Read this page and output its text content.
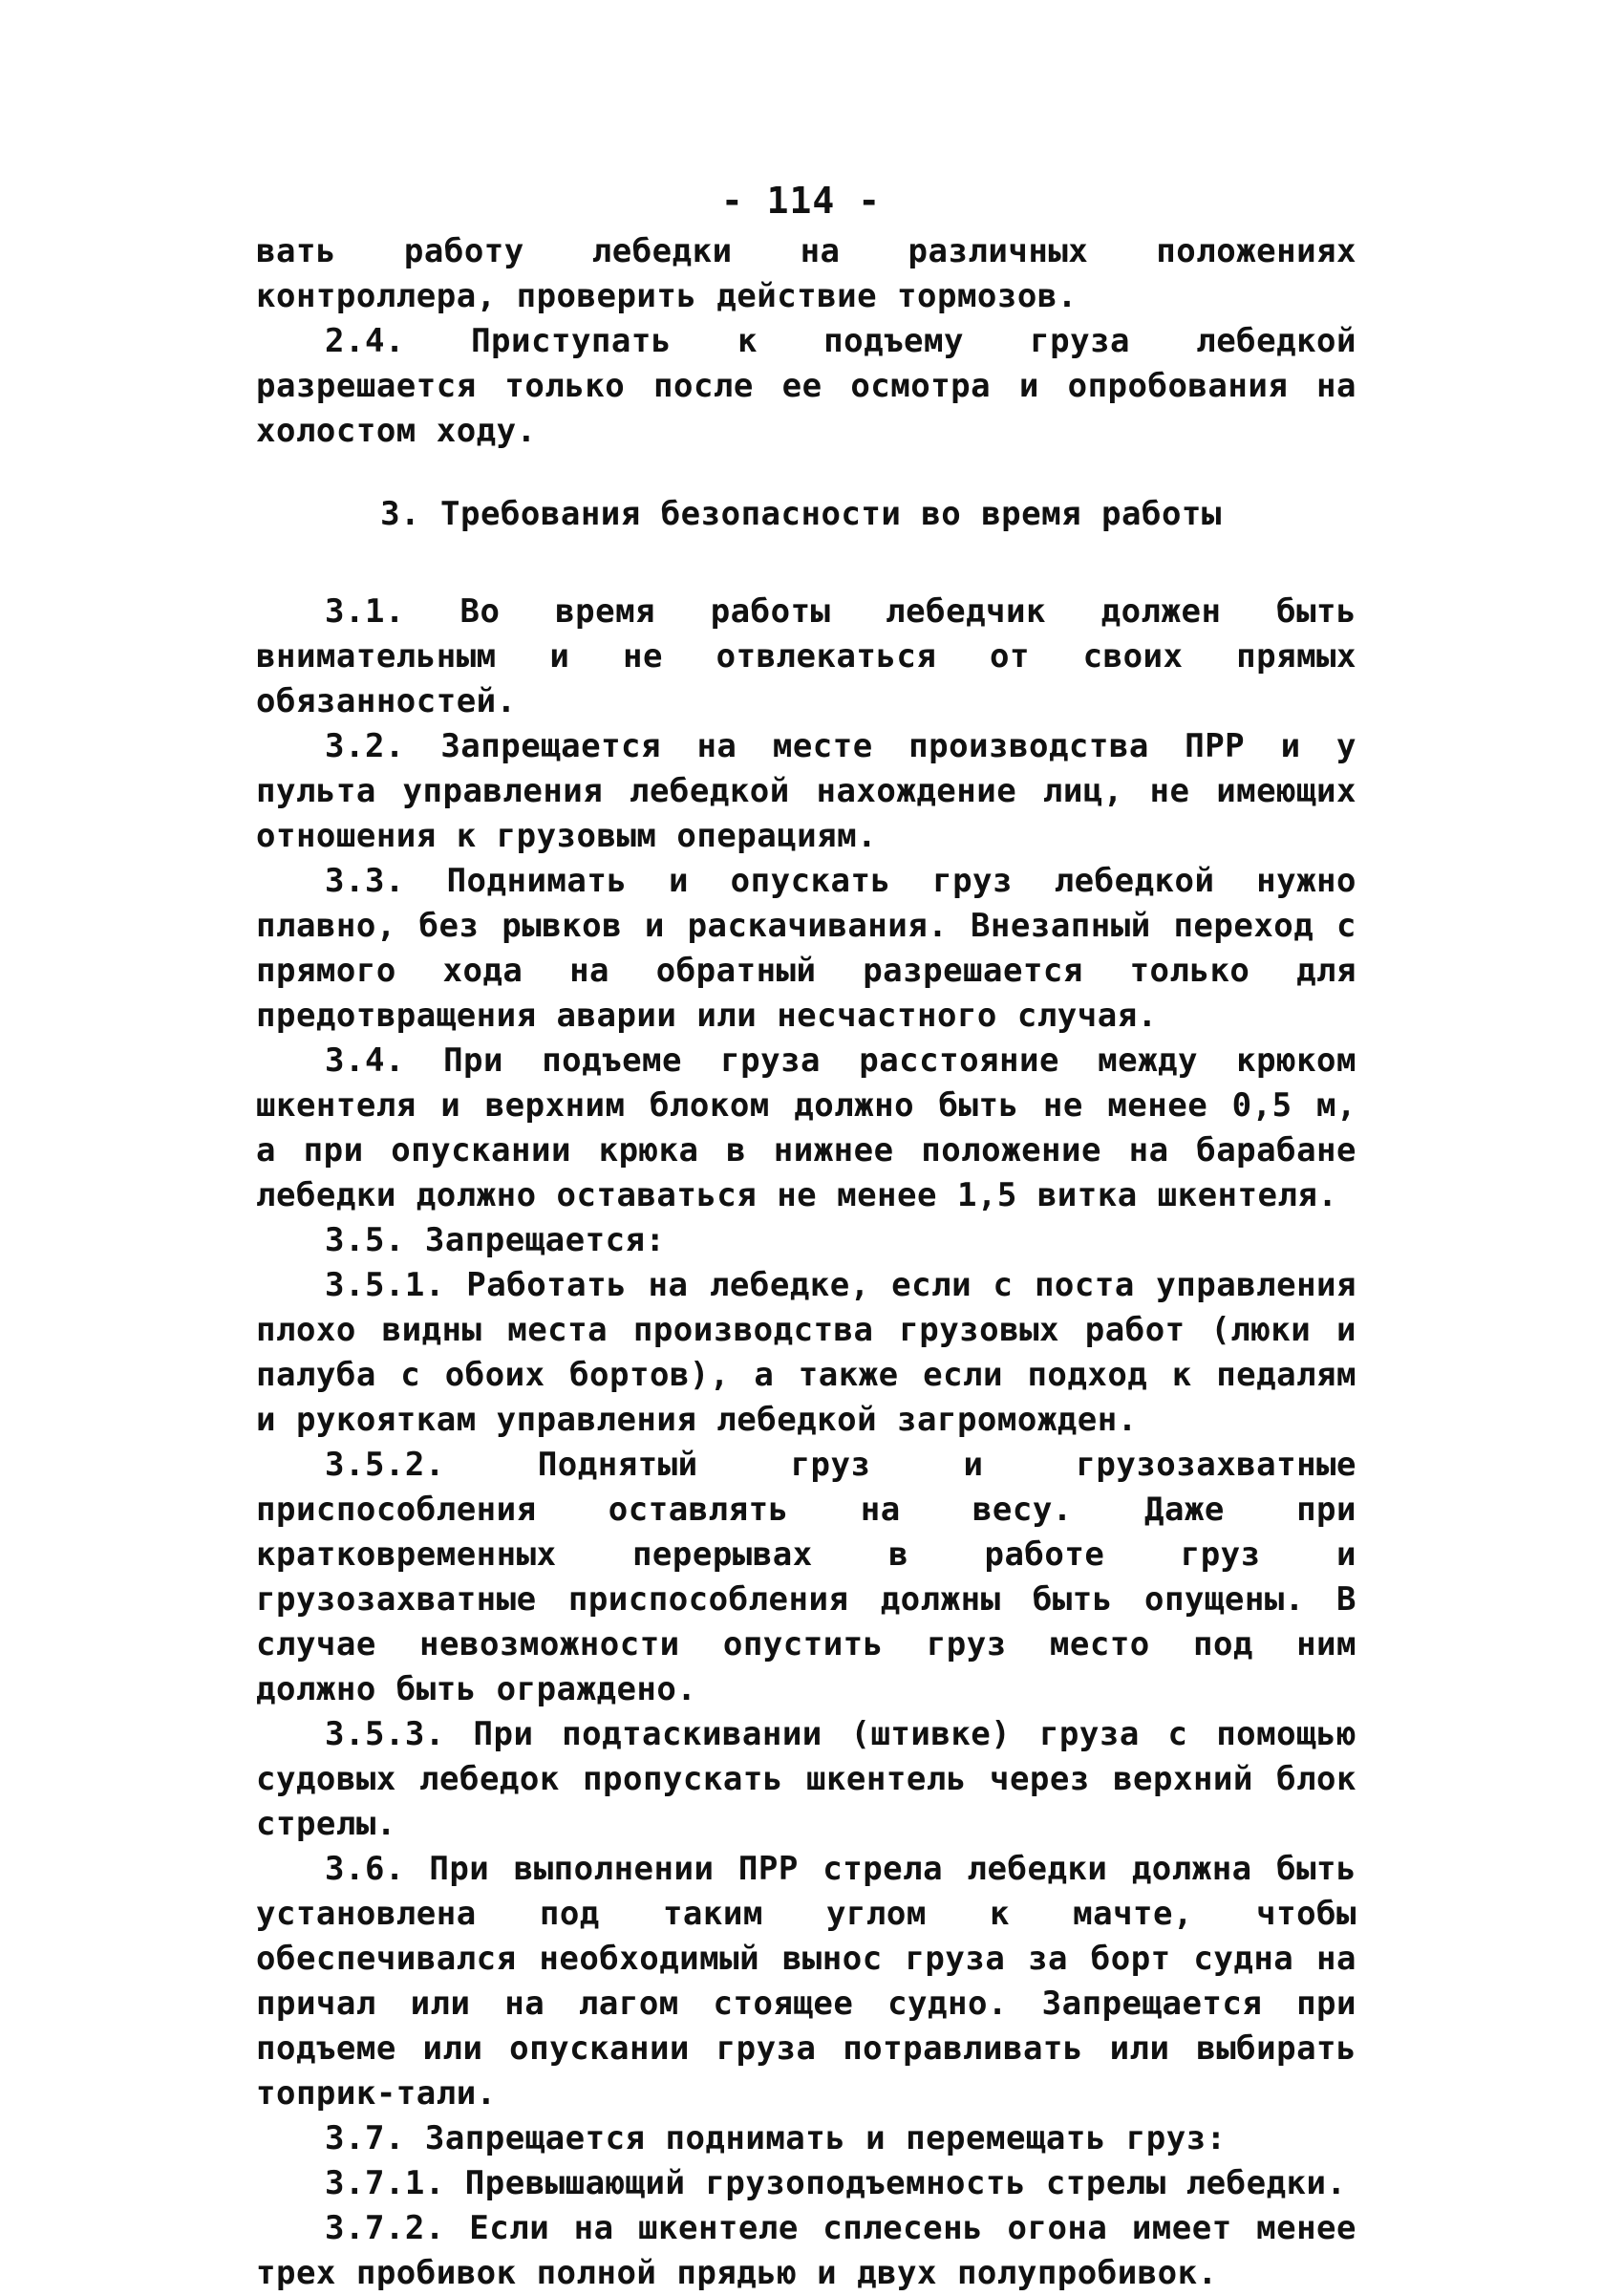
- 114 -

вать работу лебедки на различных положениях контроллера, проверить действие тормозов.

2.4. Приступать к подъему груза лебедкой разрешается только после ее осмотра и опробования на холостом ходу.

3. Требования безопасности во время работы

3.1. Во время работы лебедчик должен быть внимательным и не отвлекаться от своих прямых обязанностей.

3.2. Запрещается на месте производства ПРР и у пульта управления лебедкой нахождение лиц, не имеющих отношения к грузовым операциям.

3.3. Поднимать и опускать груз лебедкой нужно плавно, без рывков и раскачивания. Внезапный переход с прямого хода на обратный разрешается только для предотвращения аварии или несчастного случая.

3.4. При подъеме груза расстояние между крюком шкентеля и верхним блоком должно быть не менее 0,5 м, а при опускании крюка в нижнее положение на барабане лебедки должно оставаться не менее 1,5 витка шкентеля.

3.5. Запрещается:

3.5.1. Работать на лебедке, если с поста управления плохо видны места производства грузовых работ (люки и палуба с обоих бортов), а также если подход к педалям и рукояткам управления лебедкой загроможден.

3.5.2. Поднятый груз и грузозахватные приспособления оставлять на весу. Даже при кратковременных перерывах в работе груз и грузозахватные приспособления должны быть опущены. В случае невозможности опустить груз место под ним должно быть ограждено.

3.5.3. При подтаскивании (штивке) груза с помощью судовых лебедок пропускать шкентель через верхний блок стрелы.

3.6. При выполнении ПРР стрела лебедки должна быть установлена под таким углом к мачте, чтобы обеспечивался необходимый вынос груза за борт судна на причал или на лагом стоящее судно. Запрещается при подъеме или опускании груза потравливать или выбирать топрик-тали.

3.7. Запрещается поднимать и перемещать груз:

3.7.1. Превышающий грузоподъемность стрелы лебедки.

3.7.2. Если на шкентеле сплесень огона имеет менее трех пробивок полной прядью и двух полупробивок.
